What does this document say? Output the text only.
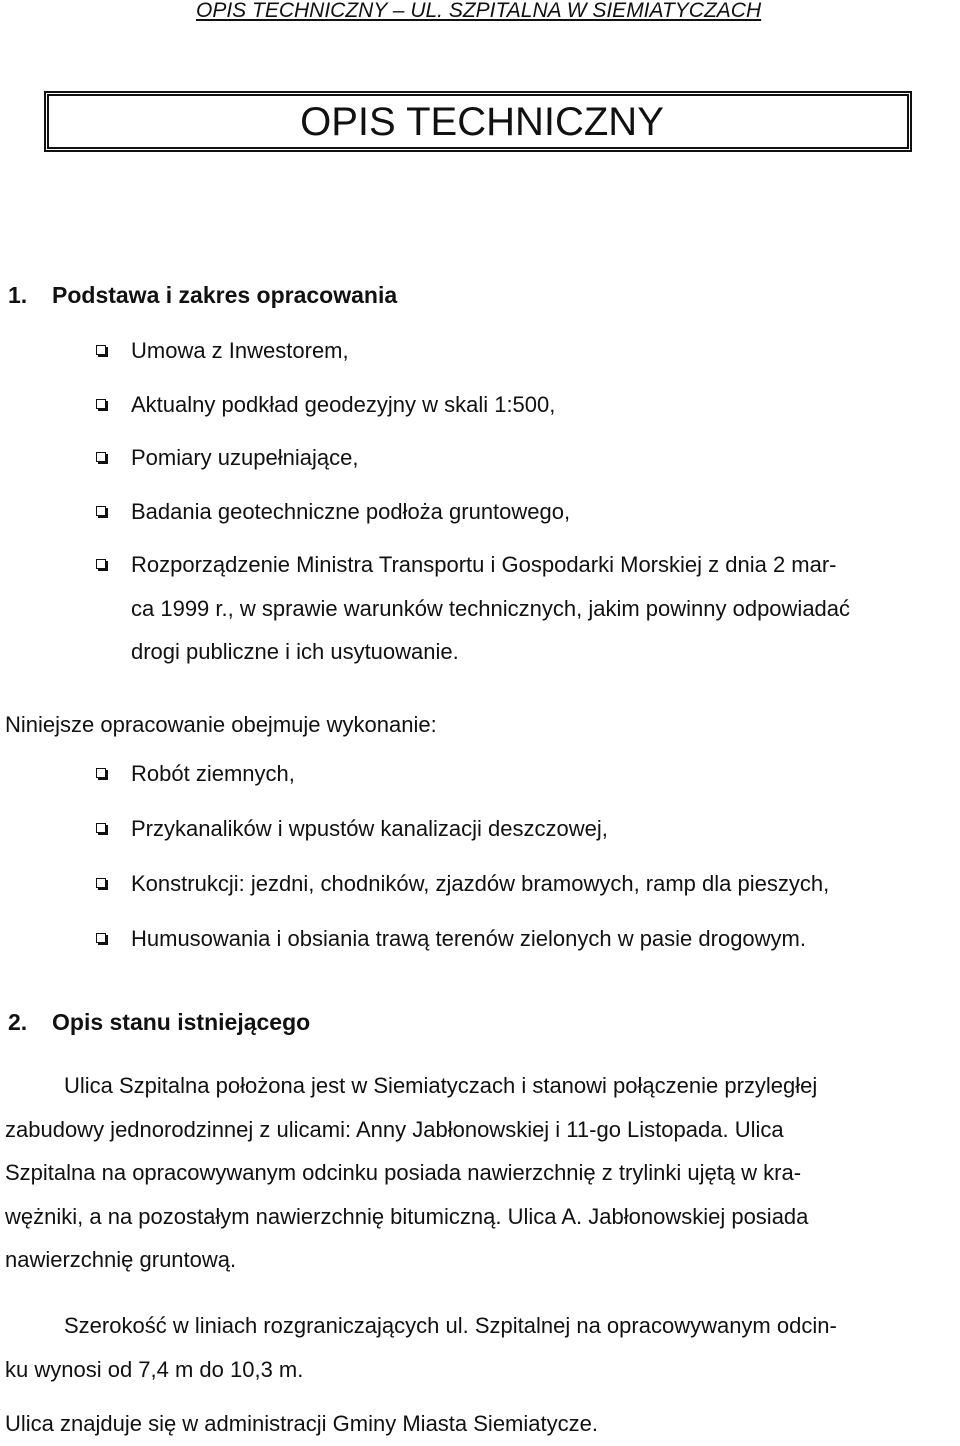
OPIS TECHNICZNY – UL. SZPITALNA W SIEMIATYCZACH
OPIS TECHNICZNY
1. Podstawa i zakres opracowania
Umowa z Inwestorem,
Aktualny podkład geodezyjny w skali 1:500,
Pomiary uzupełniające,
Badania geotechniczne podłoża gruntowego,
Rozporządzenie Ministra Transportu i Gospodarki Morskiej z dnia 2 mar-
ca 1999 r., w sprawie warunków technicznych, jakim powinny odpowiadać
drogi publiczne i ich usytuowanie.

Niniejsze opracowanie obejmuje wykonanie:

Robót ziemnych,
Przykanalików i wpustów kanalizacji deszczowej,
Konstrukcji: jezdni, chodników, zjazdów bramowych, ramp dla pieszych,
Humusowania i obsiania trawą terenów zielonych w pasie drogowym.
2. Opis stanu istniejącego

Ulica Szpitalna położona jest w Siemiatyczach i stanowi połączenie przyległej
zabudowy jednorodzinnej z ulicami: Anny Jabłonowskiej i 11-go Listopada. Ulica
Szpitalna na opracowywanym odcinku posiada nawierzchnię z trylinki ujętą w kra-
wężniki, a na pozostałym nawierzchnię bitumiczną. Ulica A. Jabłonowskiej posiada
nawierzchnię gruntową.

Szerokość w liniach rozgraniczających ul. Szpitalnej na opracowywanym odcin-
ku wynosi od 7,4 m do 10,3 m.

Ulica znajduje się w administracji Gminy Miasta Siemiatycze.
